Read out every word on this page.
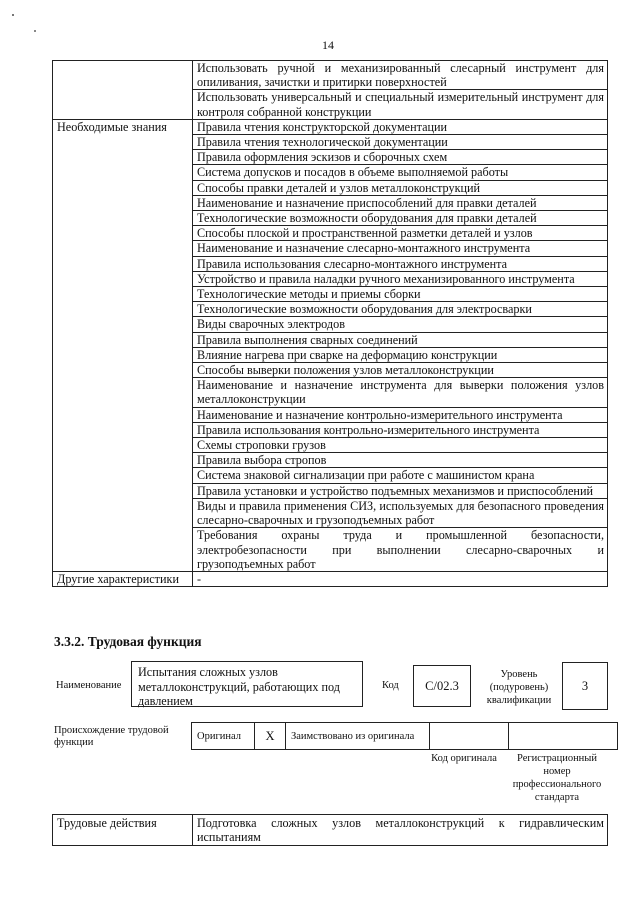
14
	Использовать ручной и механизированный слесарный инструмент для опиливания, зачистки и притирки поверхностей
	Использовать универсальный и специальный измерительный инструмент для контроля собранной конструкции
Необходимые знания	Правила чтения конструкторской документации
	Правила чтения технологической документации
	Правила оформления эскизов и сборочных схем
	Система допусков и посадов в объеме выполняемой работы
	Способы правки деталей и узлов металлоконструкций
	Наименование и назначение приспособлений для правки деталей
	Технологические возможности оборудования для правки деталей
	Способы плоской и пространственной разметки деталей и узлов
	Наименование и назначение слесарно-монтажного инструмента
	Правила использования слесарно-монтажного инструмента
	Устройство и правила наладки ручного механизированного инструмента
	Технологические методы и приемы сборки
	Технологические возможности оборудования для электросварки
	Виды сварочных электродов
	Правила выполнения сварных соединений
	Влияние нагрева при сварке на деформацию конструкции
	Способы выверки положения узлов металлоконструкции
	Наименование и назначение инструмента для выверки положения узлов металлоконструкции
	Наименование и назначение контрольно-измерительного инструмента
	Правила использования контрольно-измерительного инструмента
	Схемы строповки грузов
	Правила выбора стропов
	Система знаковой сигнализации при работе с машинистом крана
	Правила установки и устройство подъемных механизмов и приспособлений
	Виды и правила применения СИЗ, используемых для безопасного проведения слесарно-сварочных и грузоподъемных работ
	Требования охраны труда и промышленной безопасности, электробезопасности при выполнении слесарно-сварочных и грузоподъемных работ
Другие характеристики	-
3.3.2. Трудовая функция
Наименование
Испытания сложных узлов металлоконструкций, работающих под давлением
Код	C/02.3
Уровень (подуровень) квалификации
3
Происхождение трудовой функции
Оригинал	X	Заимствовано из оригинала		
Код оригинала	Регистрационный номер профессионального стандарта
Трудовые действия	Подготовка сложных узлов металлоконструкций к гидравлическим испытаниям
